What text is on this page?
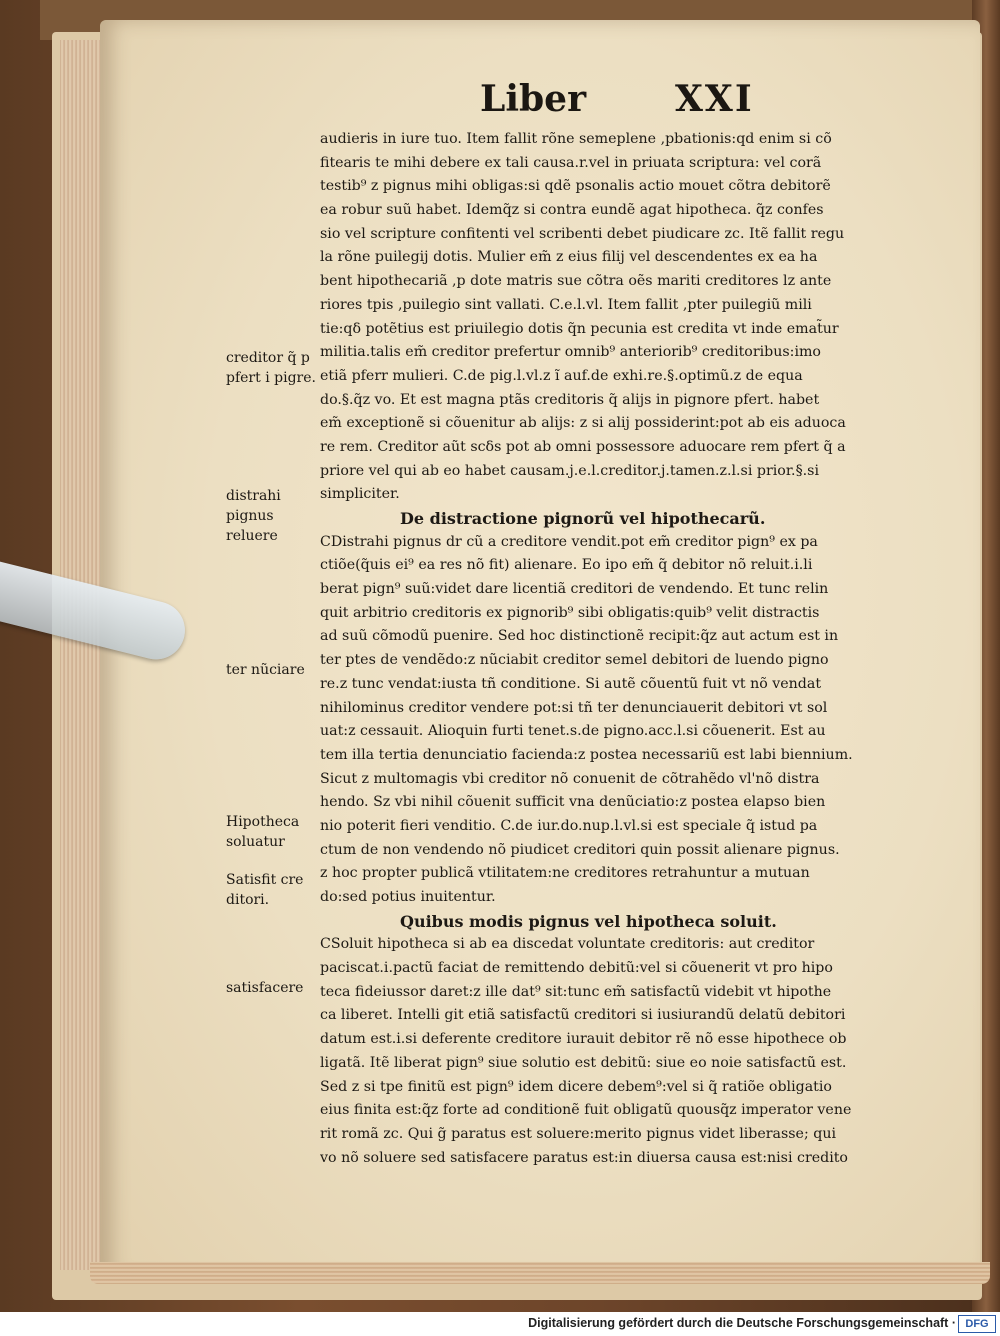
Liber XXI
audieris in iure tuo. Item fallit rõne semeplene ,pbationis:qd enim si cõ
fitearis te mihi debere ex tali causa.r.vel in priuata scriptura: vel corã
testib⁹ z pignus mihi obligas:si qdẽ psonalis actio mouet cõtra debitorẽ
ea robur suũ habet. Idemq̃z si contra eundẽ agat hipotheca. q̃z confes
sio vel scripture confitenti vel scribenti debet piudicare zc. Itẽ fallit regu
la rõne puilegij dotis. Mulier em̃ z eius filij vel descendentes ex ea ha
bent hipothecariã ,p dote matris sue cõtra oẽs mariti creditores lz ante
riores tpis ,puilegio sint vallati. C.e.l.vl. Item fallit ,pter puilegiũ mili
tie:qδ potẽtius est priuilegio dotis q̃n pecunia est credita vt inde emat̃ur
militia.talis em̃ creditor prefertur omnib⁹ anteriorib⁹ creditoribus:imo
etiã pferr mulieri. C.de pig.l.vl.z ĩ auf.de exhi.re.§.optimũ.z de equa
do.§.q̃z vo. Et est magna ptãs creditoris q̃ alijs in pignore pfert. habet
em̃ exceptionẽ si cõuenitur ab alijs: z si alij possiderint:pot ab eis aduoca
re rem. Creditor aũt scδs pot ab omni possessore aduocare rem pfert q̃ a
priore vel qui ab eo habet causam.j.e.l.creditor.j.tamen.z.l.si prior.§.si
simpliciter.
De distractione pignorũ vel hipothecarũ.
CDistrahi pignus dr cũ a creditore vendit.pot em̃ creditor pign⁹ ex pa
ctiõe(q̃uis ei⁹ ea res nõ fit) alienare. Eo ipo em̃ q̃ debitor nõ reluit.i.li
berat pign⁹ suũ:videt dare licentiã creditori de vendendo. Et tunc relin
quit arbitrio creditoris ex pignorib⁹ sibi obligatis:quib⁹ velit distractis
ad suũ cõmodũ puenire. Sed hoc distinctionẽ recipit:q̃z aut actum est in
ter ptes de vendẽdo:z nũciabit creditor semel debitori de luendo pigno
re.z tunc vendat:iusta tñ conditione. Si autẽ cõuentũ fuit vt nõ vendat
nihilominus creditor vendere pot:si tñ ter denunciauerit debitori vt sol
uat:z cessauit. Alioquin furti tenet.s.de pigno.acc.l.si cõuenerit. Est au
tem illa tertia denunciatio facienda:z postea necessariũ est labi biennium.
Sicut z multomagis vbi creditor nõ conuenit de cõtrahẽdo vl'nõ distra
hendo. Sz vbi nihil cõuenit sufficit vna denũciatio:z postea elapso bien
nio poterit fieri venditio. C.de iur.do.nup.l.vl.si est speciale q̃ istud pa
ctum de non vendendo nõ piudicet creditori quin possit alienare pignus.
z hoc propter publicã vtilitatem:ne creditores retrahuntur a mutuan
do:sed potius inuitentur.
Quibus modis pignus vel hipotheca soluit.
CSoluit hipotheca si ab ea discedat voluntate creditoris: aut creditor
paciscat.i.pactũ faciat de remittendo debitũ:vel si cõuenerit vt pro hipo
teca fideiussor daret:z ille dat⁹ sit:tunc em̃ satisfactũ videbit vt hipothe
ca liberet. Intelli git etiã satisfactũ creditori si iusiurandũ delatũ debitori
datum est.i.si deferente creditore iurauit debitor rẽ nõ esse hipothece ob
ligatã. Itẽ liberat pign⁹ siue solutio est debitũ: siue eo noie satisfactũ est.
Sed z si tpe finitũ est pign⁹ idem dicere debem⁹:vel si q̃ ratiõe obligatio
eius finita est:q̃z forte ad conditionẽ fuit obligatũ quousq̃z imperator vene
rit romã zc. Qui g̃ paratus est soluere:merito pignus videt liberasse; qui
vo nõ soluere sed satisfacere paratus est:in diuersa causa est:nisi credito
creditor q̃ p pfert i pigre.
distrahi pignus reluere
ter nũciare
Hipotheca soluatur
Satisfit cre ditori.
satisfacere
Digitalisierung gefördert durch die Deutsche Forschungsgemeinschaft · DFG
